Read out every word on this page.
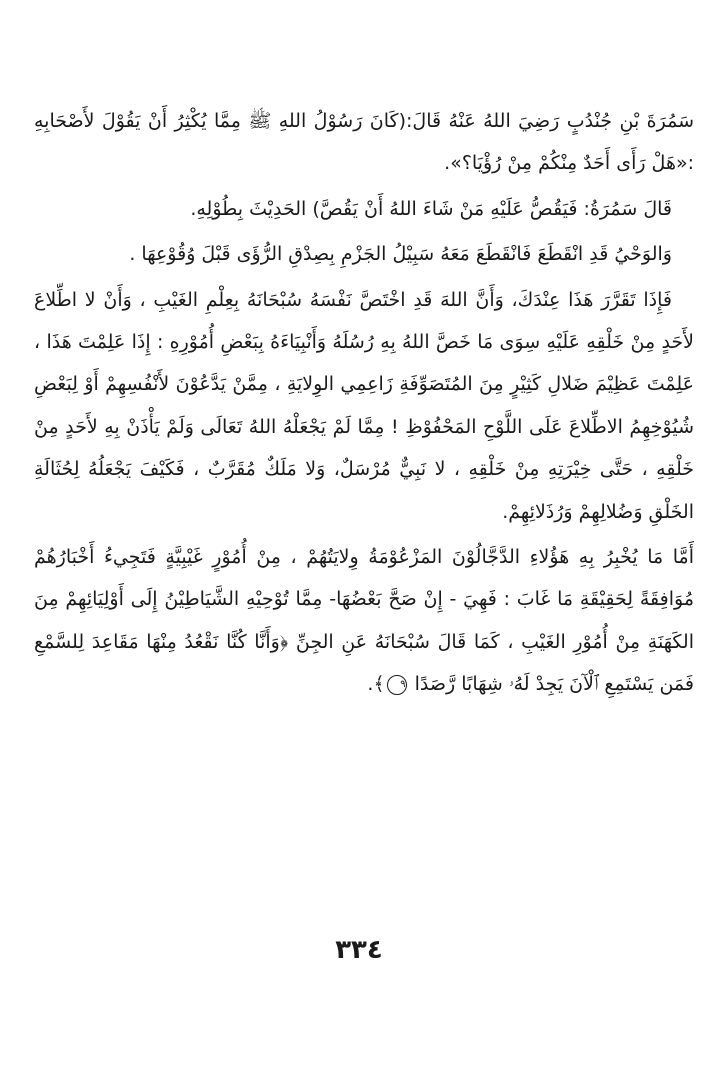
سَمُرَةَ بْنِ جُنْدُبٍ رَضِيَ اللهُ عَنْهُ قَالَ:(كَانَ رَسُوْلُ اللهِ ﷺ مِمَّا يُكْثِرُ أَنْ يَقُوْلَ لأَصْحَابِهِ :«هَلْ رَأَى أَحَدٌ مِنْكُمْ مِنْ رُؤْيَا؟».

قَالَ سَمُرَةُ: فَيَقُصُّ عَلَيْهِ مَنْ شَاءَ اللهُ أَنْ يَقُصَّ) الحَدِيْثَ بِطُوْلِهِ.

وَالوَحْيُ قَدِ انْقَطَعَ فَانْقَطَعَ مَعَهُ سَبِيْلُ الجَزْمِ بِصِدْقِ الرُّؤَى قَبْلَ وُقُوْعِهَا .

فَإِذَا تَقَرَّرَ هَذَا عِنْدَكَ، وَأَنَّ اللهَ قَدِ اخْتَصَّ نَفْسَهُ سُبْحَانَهُ بِعِلْمِ الغَيْبِ ، وَأَنْ لا اطِّلاعَ لأَحَدٍ مِنْ خَلْقِهِ عَلَيْهِ سِوَى مَا خَصَّ اللهُ بِهِ رُسُلَهُ وَأَنْبِيَاءَهُ بِبَعْضِ أُمُوْرِهِ : إِذَا عَلِمْتَ هَذَا ، عَلِمْتَ عَظِيْمَ ضَلالِ كَثِيْرٍ مِنَ المُتَصَوِّفَةِ زَاعِمِي الوِلايَةِ ، مِمَّنْ يَدَّعُوْنَ لأَنْفُسِهِمْ أَوْ لِبَعْضِ شُيُوْخِهِمُ الاطِّلاعَ عَلَى اللَّوْحِ المَحْفُوْظِ ! مِمَّا لَمْ يَجْعَلْهُ اللهُ تَعَالَى وَلَمْ يَأْذَنْ بِهِ لأَحَدٍ مِنْ خَلْقِهِ ، حَتَّى خِيْرَتِهِ مِنْ خَلْقِهِ ، لا نَبِيٌّ مُرْسَلٌ، وَلا مَلَكٌ مُقَرَّبٌ ، فَكَيْفَ يَجْعَلُهُ لِحُثَالَةِ الخَلْقِ وَضُلالِهِمْ وَرُذَلائِهِمْ.

أَمَّا مَا يُخْبِرُ بِهِ هَؤُلاءِ الدَّجَّالُوْنَ المَزْعُوْمَةُ وِلايَتُهُمْ ، مِنْ أُمُوْرٍ غَيْبِيَّةٍ فَتَجِيءُ أَخْبَارُهُمْ مُوَافِقَةً لِحَقِيْقَةِ مَا غَابَ : فَهِيَ - إِنْ صَحَّ بَعْضُهَا- مِمَّا تُوْحِيْهِ الشَّيَاطِيْنُ إِلَى أَوْلِيَائِهِمْ مِنَ الكَهَنَةِ مِنْ أُمُوْرِ الغَيْبِ ، كَمَا قَالَ سُبْحَانَهُ عَنِ الجِنِّ ﴿وَأَنَّا كُنَّا نَقْعُدُ مِنْهَا مَقَاعِدَ لِلسَّمْعِ فَمَن يَسْتَمِعِ ٱلْآنَ يَجِدْ لَهُۥ شِهَابًا رَّصَدًا ٩﴾.

٣٣٤
